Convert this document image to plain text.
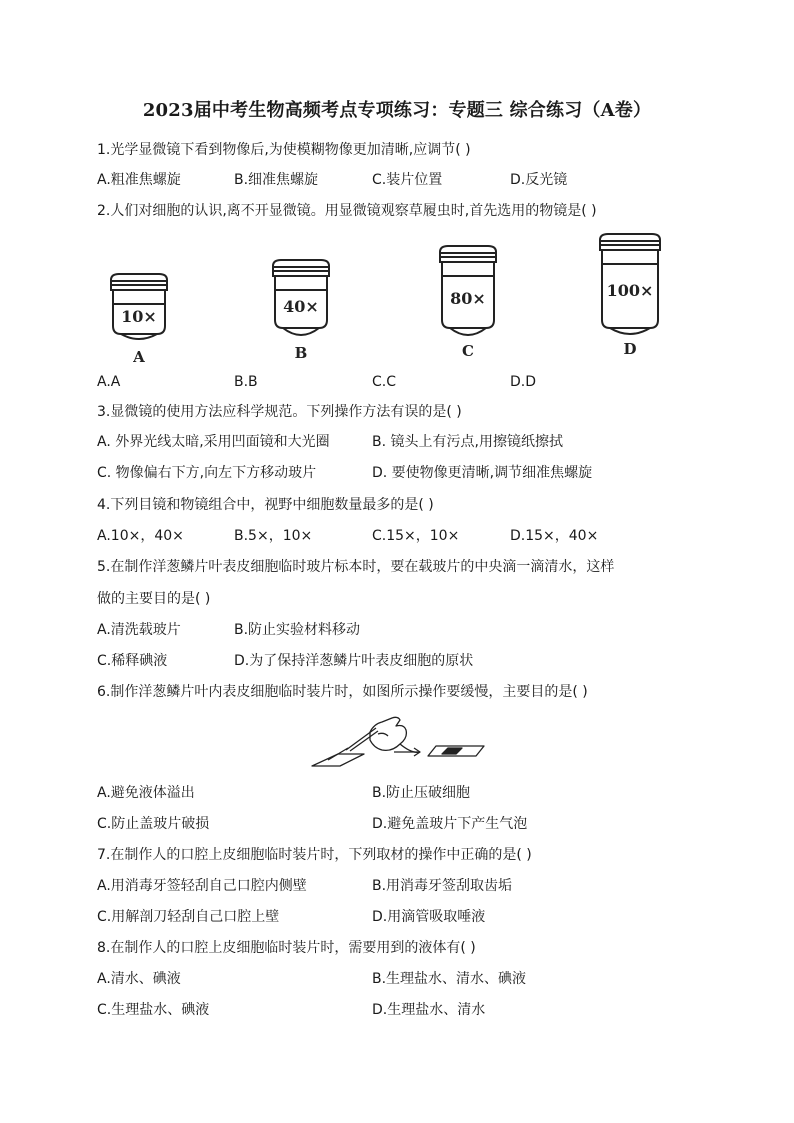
2023届中考生物高频考点专项练习：专题三 综合练习（A卷）
1.光学显微镜下看到物像后,为使模糊物像更加清晰,应调节( )
A.粗准焦螺旋	B.细准焦螺旋	C.装片位置	D.反光镜
2.人们对细胞的认识,离不开显微镜。用显微镜观察草履虫时,首先选用的物镜是( )
10×
40×	80×	100×
A	B	C	D
A.A	B.B	C.C	D.D
3.显微镜的使用方法应科学规范。下列操作方法有误的是( )
A. 外界光线太暗,采用凹面镜和大光圈	B. 镜头上有污点,用擦镜纸擦拭
C. 物像偏右下方,向左下方移动玻片	D. 要使物像更清晰,调节细准焦螺旋
4.下列目镜和物镜组合中，视野中细胞数量最多的是( )
A.10×，40×	B.5×，10×	C.15×，10×	D.15×，40×
5.在制作洋葱鳞片叶表皮细胞临时玻片标本时，要在载玻片的中央滴一滴清水，这样
做的主要目的是( )
A.清洗载玻片	B.防止实验材料移动
C.稀释碘液	D.为了保持洋葱鳞片叶表皮细胞的原状
6.制作洋葱鳞片叶内表皮细胞临时装片时，如图所示操作要缓慢，主要目的是( )
A.避免液体溢出	B.防止压破细胞
C.防止盖玻片破损	D.避免盖玻片下产生气泡
7.在制作人的口腔上皮细胞临时装片时，下列取材的操作中正确的是( )
A.用消毒牙签轻刮自己口腔内侧壁	B.用消毒牙签刮取齿垢
C.用解剖刀轻刮自己口腔上壁	D.用滴管吸取唾液
8.在制作人的口腔上皮细胞临时装片时，需要用到的液体有( )
A.清水、碘液	B.生理盐水、清水、碘液
C.生理盐水、碘液	D.生理盐水、清水
